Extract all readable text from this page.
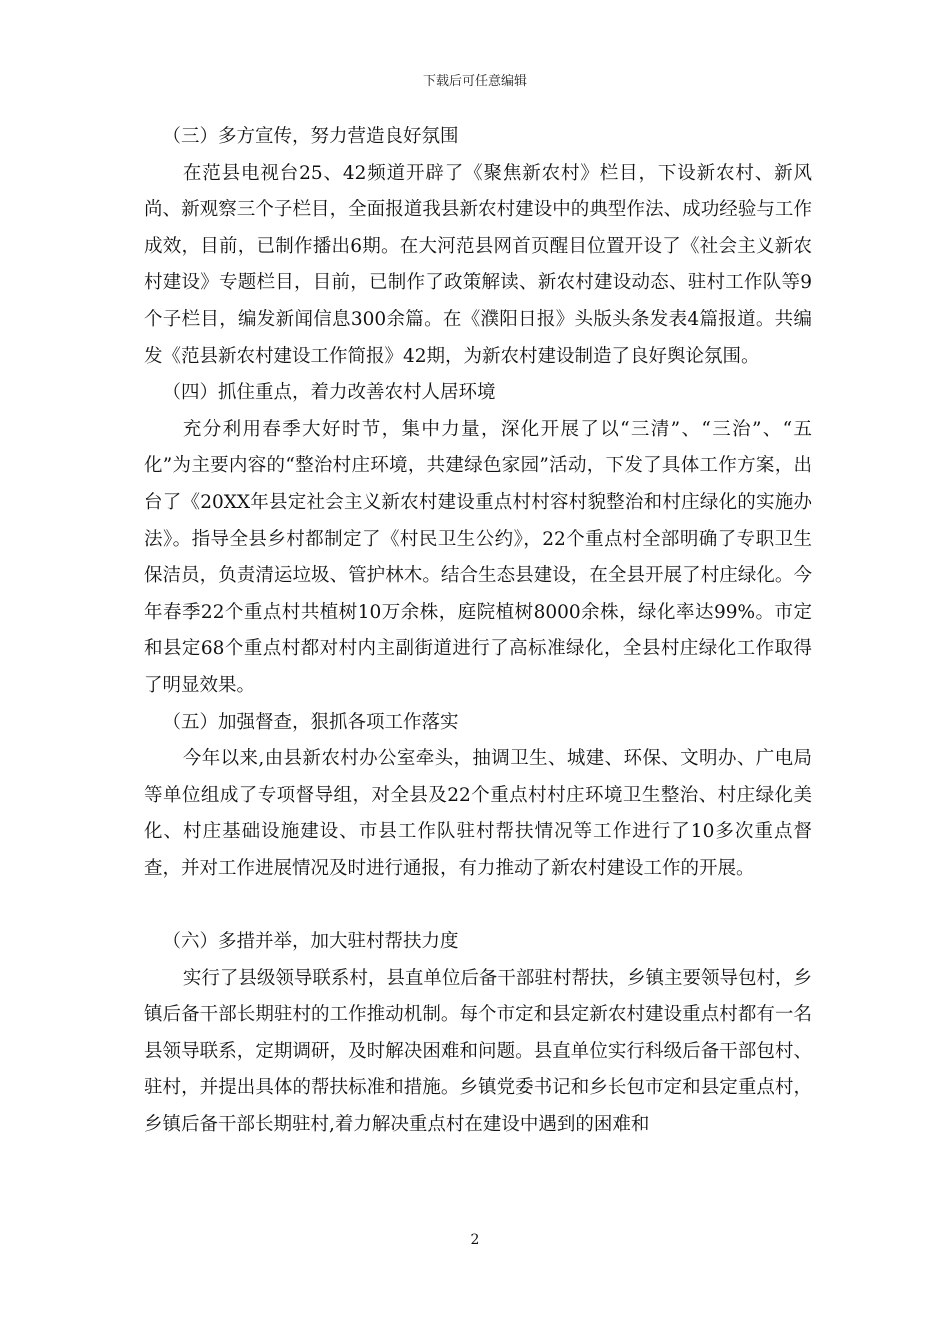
下载后可任意编辑

（三）多方宣传，努力营造良好氛围

在范县电视台25、42频道开辟了《聚焦新农村》栏目，下设新农村、新风尚、新观察三个子栏目，全面报道我县新农村建设中的典型作法、成功经验与工作成效，目前，已制作播出6期。在大河范县网首页醒目位置开设了《社会主义新农村建设》专题栏目，目前，已制作了政策解读、新农村建设动态、驻村工作队等9个子栏目，编发新闻信息300余篇。在《濮阳日报》头版头条发表4篇报道。共编发《范县新农村建设工作简报》42期，为新农村建设制造了良好舆论氛围。

（四）抓住重点，着力改善农村人居环境

充分利用春季大好时节，集中力量，深化开展了以“三清”、“三治”、“五化”为主要内容的“整治村庄环境，共建绿色家园”活动，下发了具体工作方案，出台了《20XX年县定社会主义新农村建设重点村村容村貌整治和村庄绿化的实施办法》。指导全县乡村都制定了《村民卫生公约》，22个重点村全部明确了专职卫生保洁员，负责清运垃圾、管护林木。结合生态县建设，在全县开展了村庄绿化。今年春季22个重点村共植树10万余株，庭院植树8000余株，绿化率达99%。市定和县定68个重点村都对村内主副街道进行了高标准绿化，全县村庄绿化工作取得了明显效果。

（五）加强督查，狠抓各项工作落实

今年以来,由县新农村办公室牵头，抽调卫生、城建、环保、文明办、广电局等单位组成了专项督导组，对全县及22个重点村村庄环境卫生整治、村庄绿化美化、村庄基础设施建设、市县工作队驻村帮扶情况等工作进行了10多次重点督查，并对工作进展情况及时进行通报，有力推动了新农村建设工作的开展。

（六）多措并举，加大驻村帮扶力度

实行了县级领导联系村，县直单位后备干部驻村帮扶，乡镇主要领导包村，乡镇后备干部长期驻村的工作推动机制。每个市定和县定新农村建设重点村都有一名县领导联系，定期调研，及时解决困难和问题。县直单位实行科级后备干部包村、驻村，并提出具体的帮扶标准和措施。乡镇党委书记和乡长包市定和县定重点村，乡镇后备干部长期驻村,着力解决重点村在建设中遇到的困难和

2
